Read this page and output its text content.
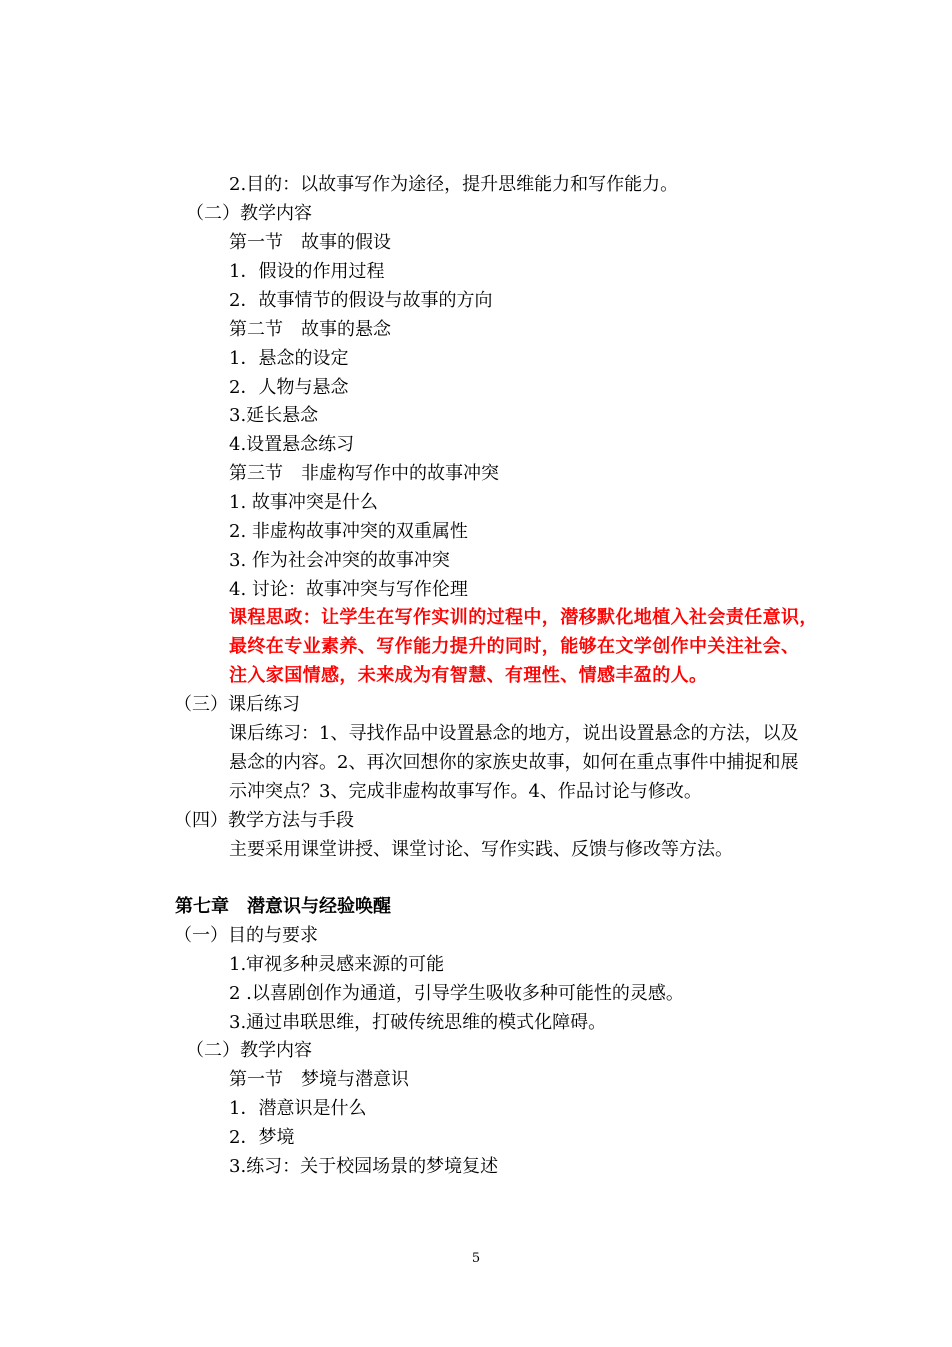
2.目的：以故事写作为途径，提升思维能力和写作能力。
（二）教学内容
第一节　故事的假设
1．假设的作用过程
2．故事情节的假设与故事的方向
第二节　故事的悬念
1．悬念的设定
2．人物与悬念
3.延长悬念
4.设置悬念练习
第三节　非虚构写作中的故事冲突
1. 故事冲突是什么
2. 非虚构故事冲突的双重属性
3. 作为社会冲突的故事冲突
4. 讨论：故事冲突与写作伦理
课程思政：让学生在写作实训的过程中，潜移默化地植入社会责任意识，
最终在专业素养、写作能力提升的同时，能够在文学创作中关注社会、
注入家国情感，未来成为有智慧、有理性、情感丰盈的人。
（三）课后练习
课后练习：1、寻找作品中设置悬念的地方，说出设置悬念的方法，以及
悬念的内容。2、再次回想你的家族史故事，如何在重点事件中捕捉和展
示冲突点？3、完成非虚构故事写作。4、作品讨论与修改。
（四）教学方法与手段
主要采用课堂讲授、课堂讨论、写作实践、反馈与修改等方法。
第七章　潜意识与经验唤醒
（一）目的与要求
1.审视多种灵感来源的可能
2 .以喜剧创作为通道，引导学生吸收多种可能性的灵感。
3.通过串联思维，打破传统思维的模式化障碍。
（二）教学内容
第一节　梦境与潜意识
1．潜意识是什么
2．梦境
3.练习：关于校园场景的梦境复述
5
